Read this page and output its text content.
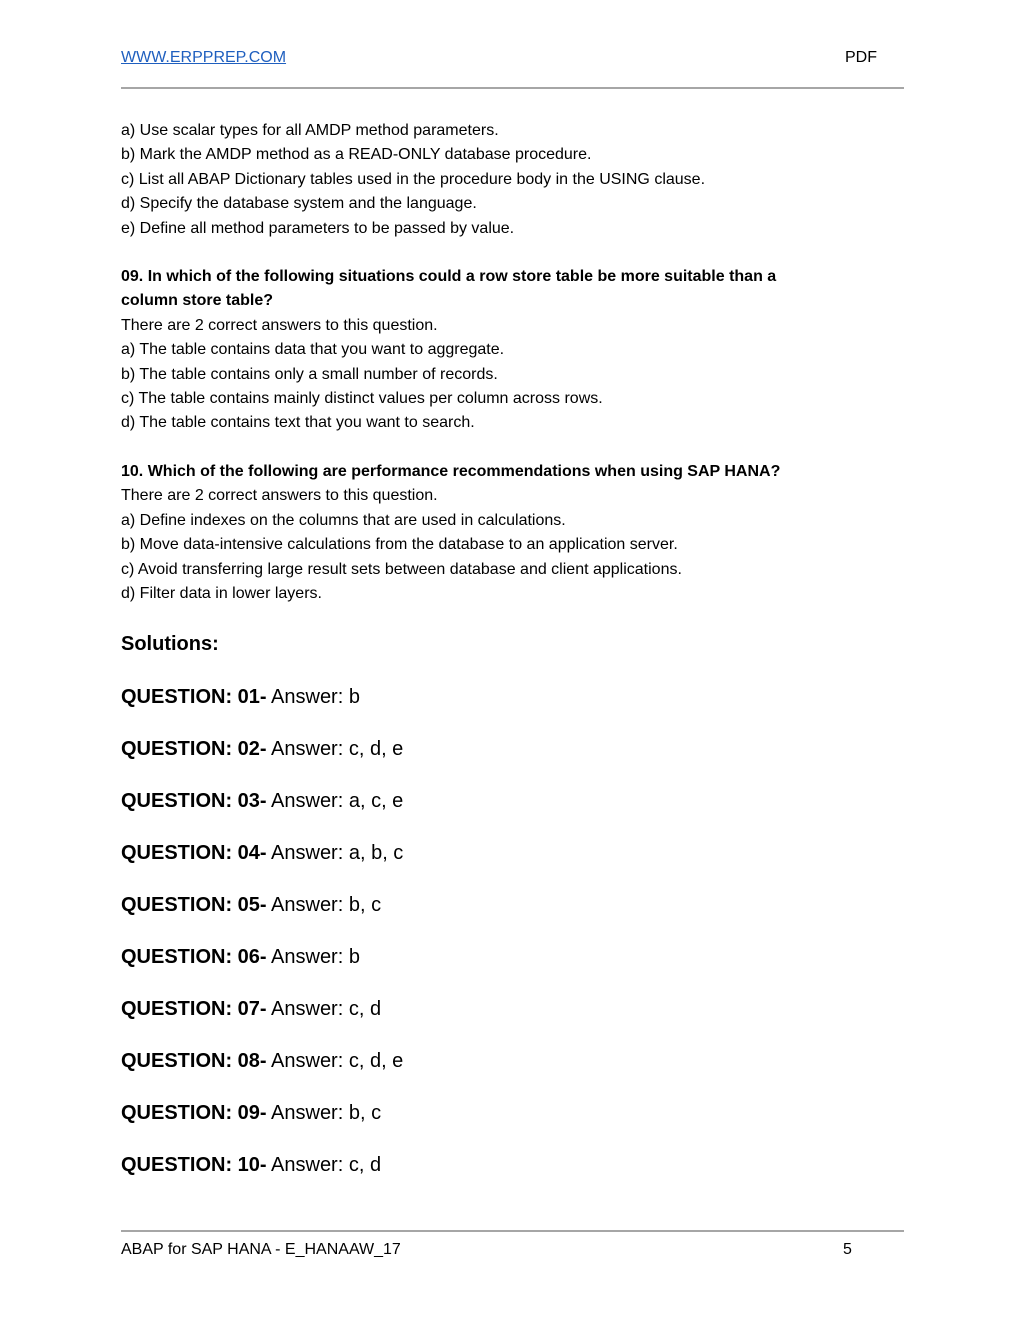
WWW.ERPPREP.COM	PDF

a) Use scalar types for all AMDP method parameters.

b) Mark the AMDP method as a READ-ONLY database procedure.

c) List all ABAP Dictionary tables used in the procedure body in the USING clause.

d) Specify the database system and the language.

e) Define all method parameters to be passed by value.

09. In which of the following situations could a row store table be more suitable than a

column store table?

There are 2 correct answers to this question.

a) The table contains data that you want to aggregate.

b) The table contains only a small number of records.

c) The table contains mainly distinct values per column across rows.

d) The table contains text that you want to search.

10. Which of the following are performance recommendations when using SAP HANA?

There are 2 correct answers to this question.

a) Define indexes on the columns that are used in calculations.

b) Move data-intensive calculations from the database to an application server.

c) Avoid transferring large result sets between database and client applications.

d) Filter data in lower layers.

Solutions:
QUESTION: 01- Answer: b
QUESTION: 02- Answer: c, d, e
QUESTION: 03- Answer: a, c, e
QUESTION: 04- Answer: a, b, c
QUESTION: 05- Answer: b, c
QUESTION: 06- Answer: b
QUESTION: 07- Answer: c, d
QUESTION: 08- Answer: c, d, e
QUESTION: 09- Answer: b, c
QUESTION: 10- Answer: c, d
ABAP for SAP HANA - E_HANAAW_17	5
